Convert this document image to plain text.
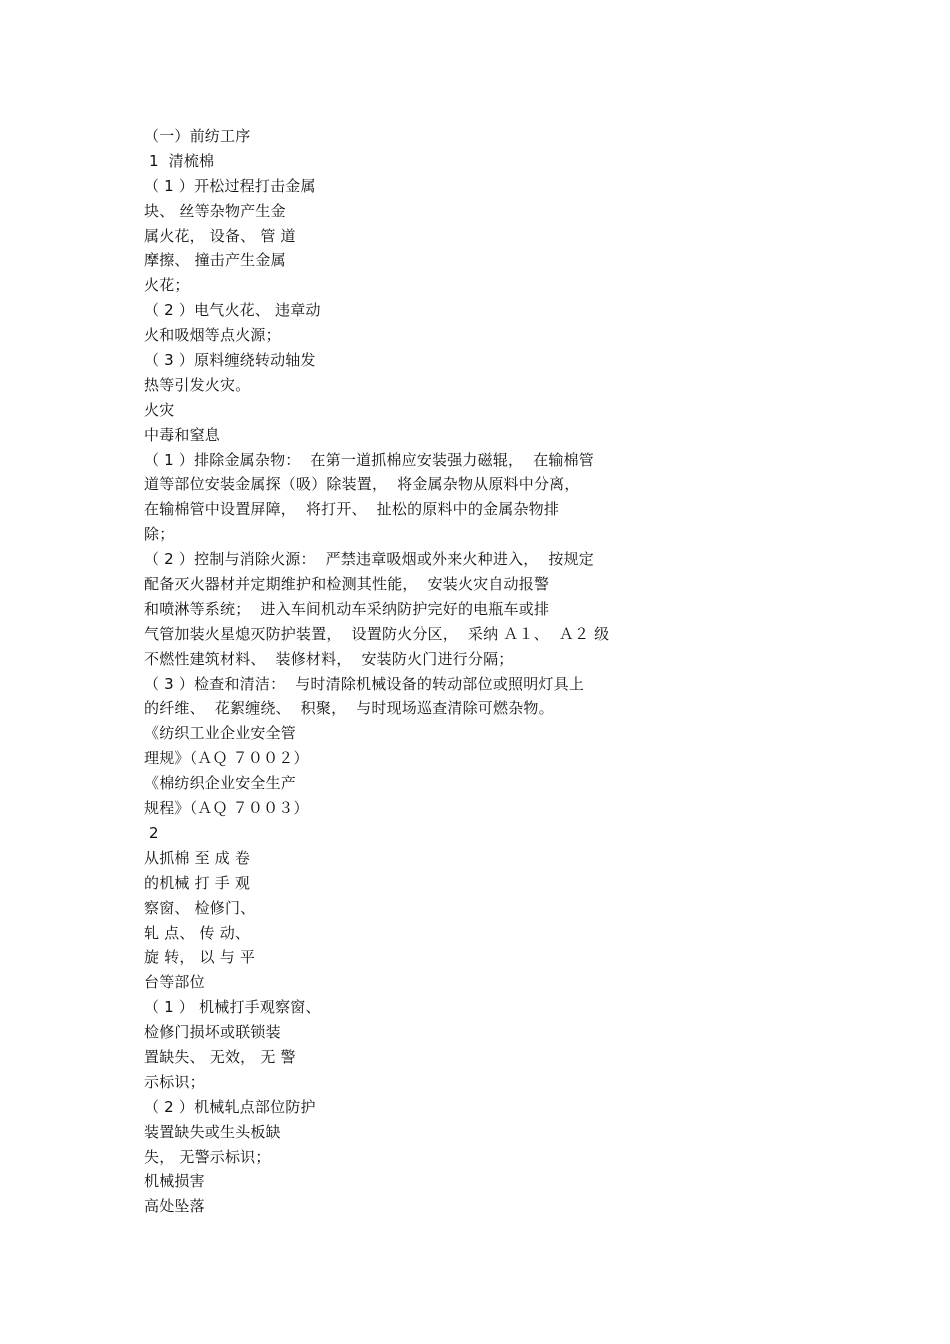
（一）前纺工序
1  清梳棉
（ 1 ）开松过程打击金属
块、 丝等杂物产生金
属火花， 设备、 管 道
摩擦、 撞击产生金属
火花；
（ 2 ）电气火花、 违章动
火和吸烟等点火源；
（ 3 ）原料缠绕转动轴发
热等引发火灾。
火灾
中毒和窒息
（ 1 ）排除金属杂物：  在第一道抓棉应安装强力磁辊，  在输棉管
道等部位安装金属探（吸）除装置，  将金属杂物从原料中分离，
在输棉管中设置屏障，  将打开、  扯松的原料中的金属杂物排
除；
（ 2 ）控制与消除火源：  严禁违章吸烟或外来火种进入，  按规定
配备灭火器材并定期维护和检测其性能，  安装火灾自动报警
和喷淋等系统；  进入车间机动车采纳防护完好的电瓶车或排
气管加装火星熄灭防护装置，  设置防火分区，  采纳 Ａ１、  Ａ２ 级
不燃性建筑材料、  装修材料，  安装防火门进行分隔；
（ 3 ）检查和清洁：  与时清除机械设备的转动部位或照明灯具上
的纤维、  花絮缠绕、  积聚，  与时现场巡查清除可燃杂物。
《纺织工业企业安全管
理规》（ＡＱ ７００２）
《棉纺织企业安全生产
规程》（ＡＱ ７００３）
2
从抓棉 至 成 卷
的机械 打 手 观
察窗、 检修门、
轧 点、 传 动、
旋 转， 以 与 平
台等部位
（ 1 ） 机械打手观察窗、
检修门损坏或联锁装
置缺失、 无效， 无 警
示标识；
（ 2 ）机械轧点部位防护
装置缺失或生头板缺
失， 无警示标识；
机械损害
高处坠落
